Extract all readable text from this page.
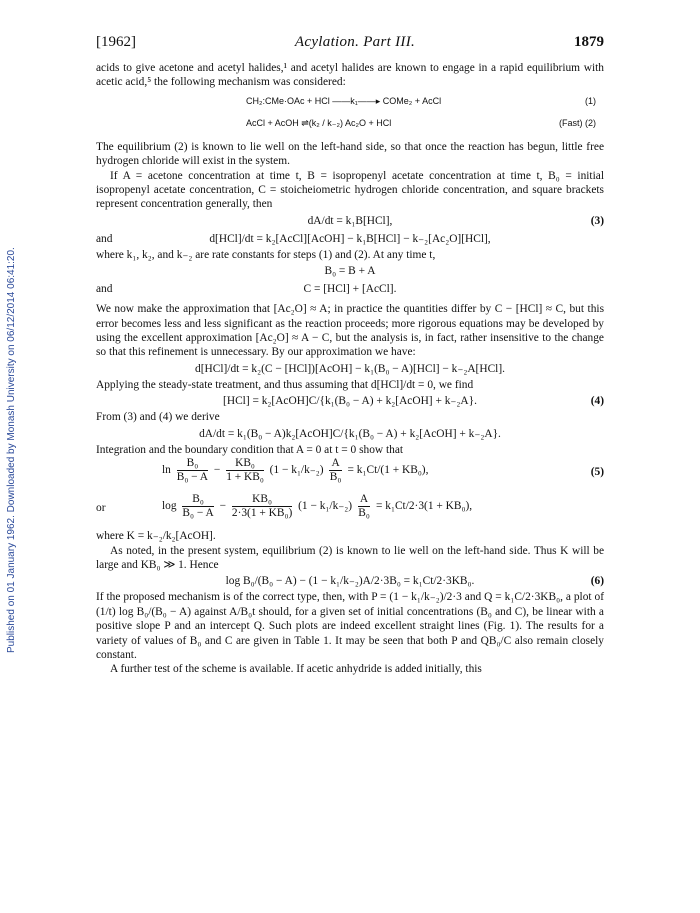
Published on 01 January 1962. Downloaded by Monash University on 06/12/2014 06:41:20.
[1962]	Acylation. Part III.	1879

acids to give acetone and acetyl halides,¹ and acetyl halides are known to engage in a rapid equilibrium with acetic acid,⁵ the following mechanism was considered:

CH₂:CMe·OAc + HCl ——k₁——▸ COMe₂ + AcCl	(1)
AcCl + AcOH ⇌(k₂ / k₋₂) Ac₂O + HCl	(Fast) (2)

The equilibrium (2) is known to lie well on the left-hand side, so that once the reaction has begun, little free hydrogen chloride will exist in the system.

If A = acetone concentration at time t, B = isopropenyl acetate concentration at time t, B₀ = initial isopropenyl acetate concentration, C = stoicheiometric hydrogen chloride concentration, and square brackets represent concentration generally, then

dA/dt = k₁B[HCl],	(3)
and	d[HCl]/dt = k₂[AcCl][AcOH] − k₁B[HCl] − k₋₂[Ac₂O][HCl],

where k₁, k₂, and k₋₂ are rate constants for steps (1) and (2). At any time t,

B₀ = B + A
and	C = [HCl] + [AcCl].

We now make the approximation that [Ac₂O] ≈ A; in practice the quantities differ by C − [HCl] ≈ C, but this error becomes less and less significant as the reaction proceeds; more rigorous equations may be developed by using the excellent approximation [Ac₂O] ≈ A − C, but the analysis is, in fact, rather insensitive to the change so that this refinement is unnecessary. By our approximation we have:

d[HCl]/dt = k₂(C − [HCl])[AcOH] − k₁(B₀ − A)[HCl] − k₋₂A[HCl].

Applying the steady-state treatment, and thus assuming that d[HCl]/dt = 0, we find

[HCl] = k₂[AcOH]C/{k₁(B₀ − A) + k₂[AcOH] + k₋₂A}.	(4)

From (3) and (4) we derive

dA/dt = k₁(B₀ − A)k₂[AcOH]C/{k₁(B₀ − A) + k₂[AcOH] + k₋₂A}.

Integration and the boundary condition that A = 0 at t = 0 show that

$\ln \frac{\text{B₀}}{\text{B₀ − A}} - \frac{\text{KB₀}}{\text{1 + KB₀}} (1 - k_1/k_{-2}) \frac{A}{\text{B₀}} = k_1Ct/(1 + KB_0)$,	(5)
or	$\log \frac{\text{B₀}}{\text{B₀ − A}} - \frac{\text{KB₀}}{\text{2·3(1 + KB₀)}} (1 - k_1/k_{-2}) \frac{A}{\text{B₀}} = k_1Ct/2\cdot 3(1 + KB_0)$,

where K = k₋₂/k₂[AcOH].

As noted, in the present system, equilibrium (2) is known to lie well on the left-hand side. Thus K will be large and KB₀ ≫ 1. Hence

log B₀/(B₀ − A) − (1 − k₁/k₋₂)A/2·3B₀ = k₁Ct/2·3KB₀.	(6)

If the proposed mechanism is of the correct type, then, with P = (1 − k₁/k₋₂)/2·3 and Q = k₁C/2·3KB₀, a plot of (1/t) log B₀/(B₀ − A) against A/B₀t should, for a given set of initial concentrations (B₀ and C), be linear with a positive slope P and an intercept Q. Such plots are indeed excellent straight lines (Fig. 1). The results for a variety of values of B₀ and C are given in Table 1. It may be seen that both P and QB₀/C also remain closely constant.

A further test of the scheme is available. If acetic anhydride is added initially, this
